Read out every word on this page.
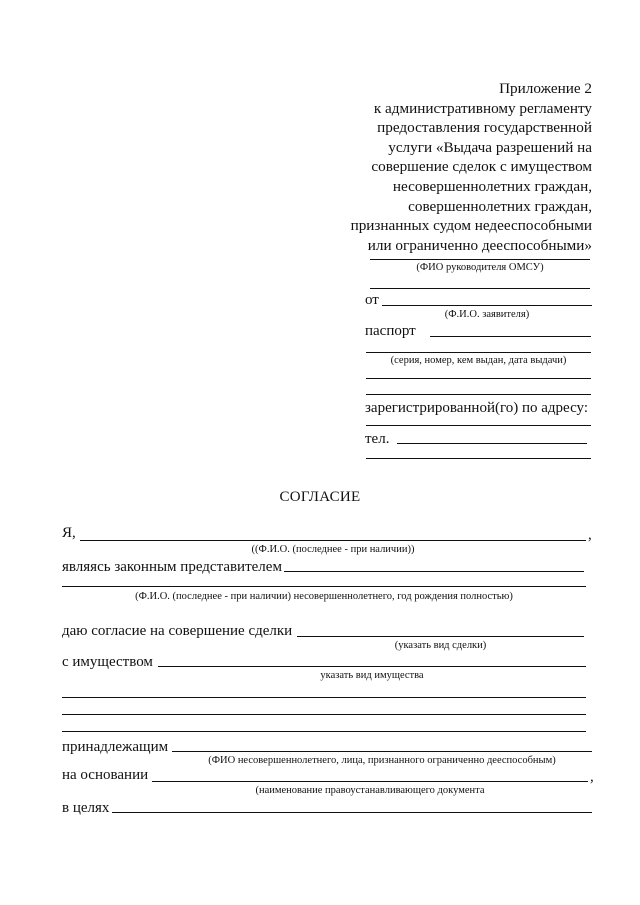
Приложение 2
к административному регламенту
предоставления государственной
услуги «Выдача разрешений на
совершение сделок с имуществом
несовершеннолетних граждан,
совершеннолетних граждан,
признанных судом недееспособными
или ограниченно дееспособными»
(ФИО руководителя ОМСУ)
от
(Ф.И.О. заявителя)
паспорт
(серия, номер, кем выдан, дата выдачи)
зарегистрированной(го) по адресу:
тел.
СОГЛАСИЕ
Я,	,
((Ф.И.О. (последнее - при наличии))
являясь законным представителем
(Ф.И.О. (последнее - при наличии) несовершеннолетнего, год рождения полностью)
даю согласие на совершение сделки
(указать вид сделки)
с имуществом
указать вид имущества
принадлежащим
(ФИО несовершеннолетнего, лица, признанного ограниченно дееспособным)
на основании	,
(наименование правоустанавливающего документа
в целях
